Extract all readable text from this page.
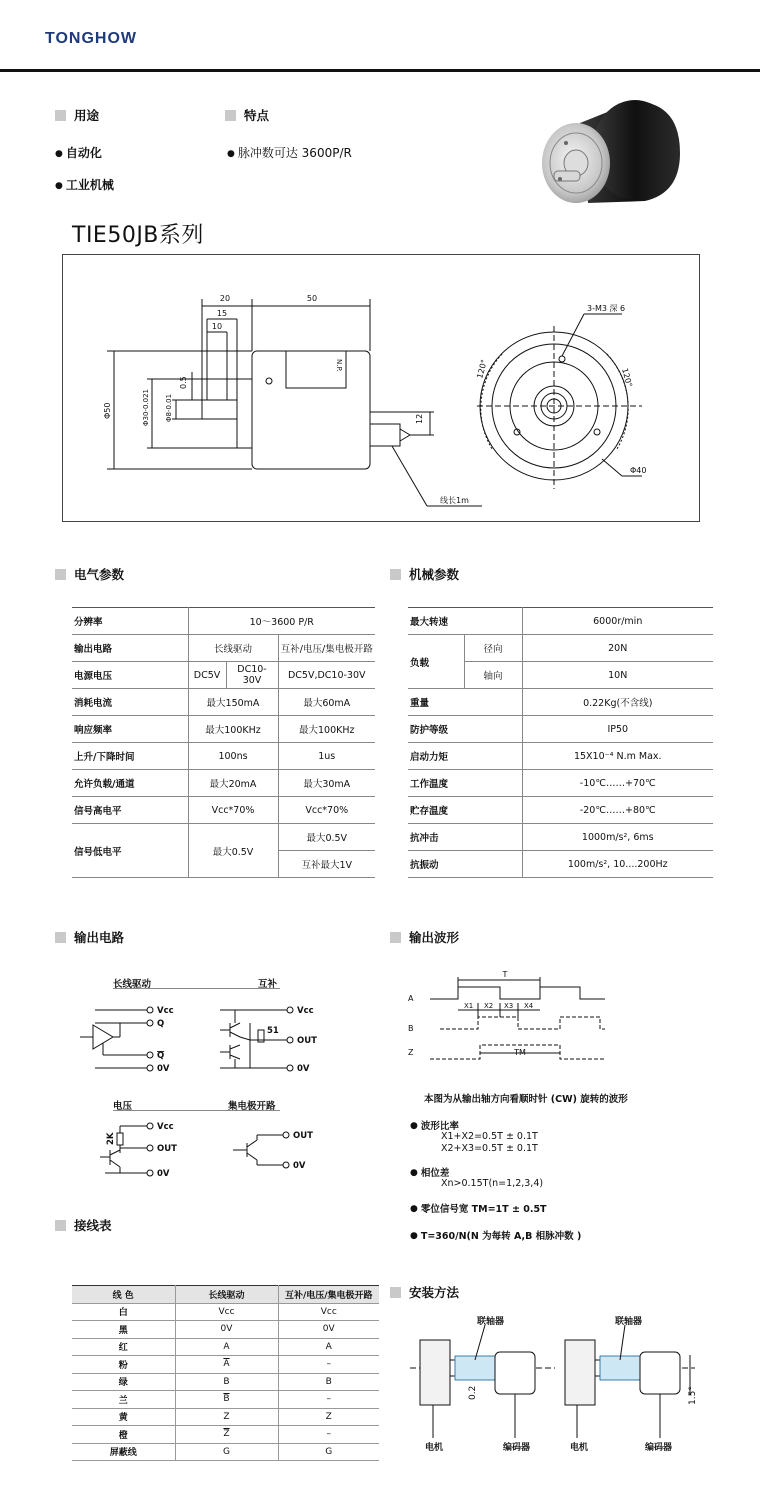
TONGHOW
用途	特点
● 自动化
● 工业机械
● 脉冲数可达 3600P/R
TIE50JB系列
20	50
15
10
0.5
Φ50	Φ30-0.021 Φ8-0.01
N.P.
12
3-M3 深 6
120°	120°
Φ40
线长1m
电气参数
分辨率	10～3600 P/R		
输出电路	长线驱动		互补/电压/集电极开路
电源电压	DC5V	DC10-30V	DC5V,DC10-30V
消耗电流	最大150mA		最大60mA
响应频率	最大100KHz		最大100KHz
上升/下降时间	100ns		1us
允许负载/通道	最大20mA		最大30mA
信号高电平	Vcc*70%		Vcc*70%
信号低电平	最大0.5V		最大0.5V
			互补最大1V
机械参数
最大转速		6000r/min
负载	径向	20N
	轴向	10N
重量		0.22Kg(不含线)
防护等级		IP50
启动力矩		15X10⁻⁴ N.m Max.
工作温度		-10℃……+70℃
贮存温度		-20℃……+80℃
抗冲击		1000m/s², 6ms
抗振动		100m/s², 10....200Hz
输出电路
长线驱动	互补
电压	集电极开路
Vcc
Q
Q
0V
Vcc
OUT
0V
51
Vcc
OUT
0V
2K	OUT
0V
接线表
线 色	长线驱动	互补/电压/集电极开路
白	Vcc	Vcc
黑	0V	0V
红	A	A
粉	$\overline{A}$	–
绿	B	B
兰	$\overline{B}$	–
黄	Z	Z
橙	$\overline{Z}$	–
屏蔽线	G	G
输出波形
A
B
Z
T
X1 X2 X3 X4
TM
本图为从输出轴方向看顺时针 (CW) 旋转的波形
● 波形比率
X1+X2=0.5T ± 0.1T
X2+X3=0.5T ± 0.1T
● 相位差
Xn>0.15T(n=1,2,3,4)
● 零位信号宽 TM=1T ± 0.5T
● T=360/N(N 为每转 A,B 相脉冲数 )
安装方法
联轴器	联轴器
电机	编码器	电机	编码器
0.2	1.5°
